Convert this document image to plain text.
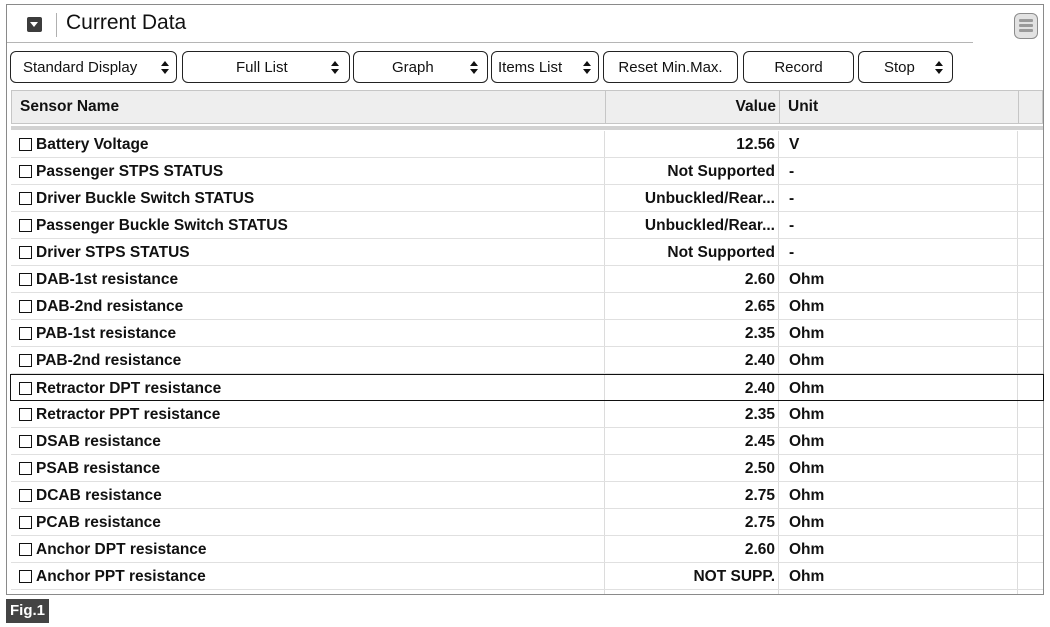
Current Data
Standard Display	Full List	Graph	Items List	Reset Min.Max.	Record	Stop
Sensor Name	Value Unit
Battery Voltage	12.56 V
Passenger STPS STATUS	Not Supported -
Driver Buckle Switch STATUS	Unbuckled/Rear... -
Passenger Buckle Switch STATUS	Unbuckled/Rear... -
Driver STPS STATUS	Not Supported -
DAB-1st resistance	2.60 Ohm
DAB-2nd resistance	2.65 Ohm
PAB-1st resistance	2.35 Ohm
PAB-2nd resistance	2.40 Ohm
Retractor DPT resistance	2.40 Ohm
Retractor PPT resistance	2.35 Ohm
DSAB resistance	2.45 Ohm
PSAB resistance	2.50 Ohm
DCAB resistance	2.75 Ohm
PCAB resistance	2.75 Ohm
Anchor DPT resistance	2.60 Ohm
Anchor PPT resistance	NOT SUPP. Ohm
Fig.1
